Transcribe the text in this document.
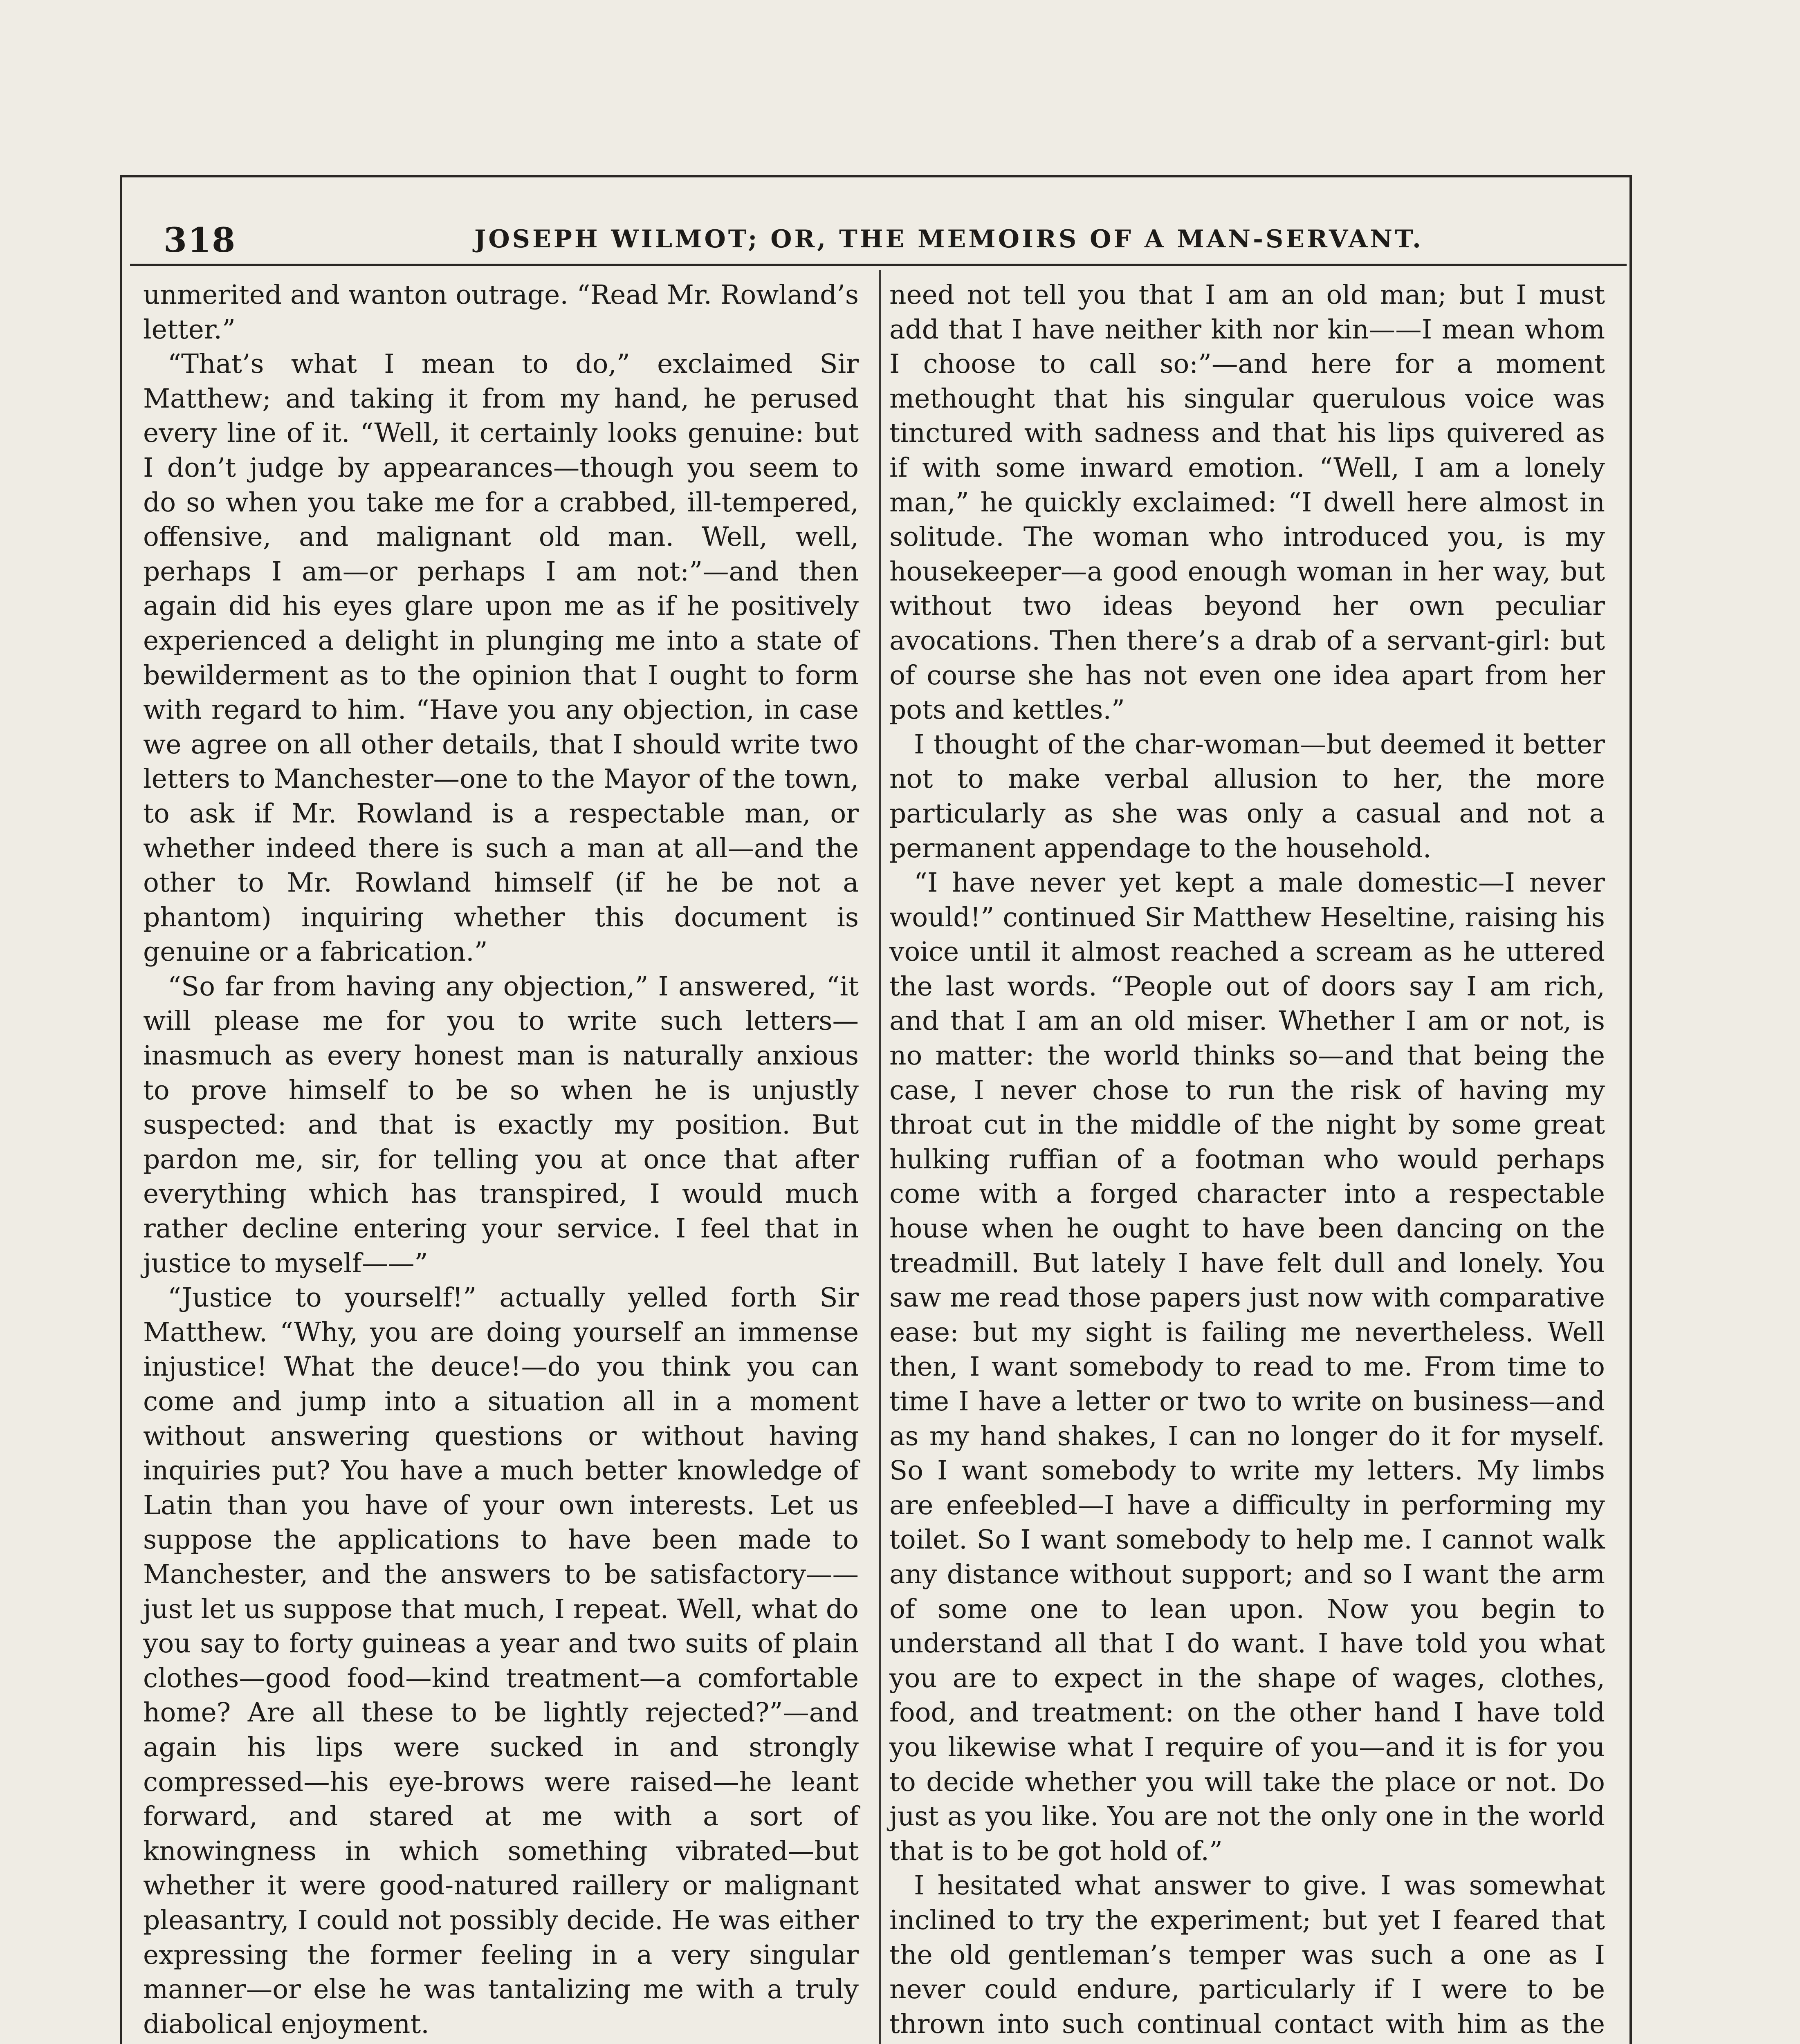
318	JOSEPH WILMOT; OR, THE MEMOIRS OF A MAN-SERVANT.

unmerited and wanton outrage. “Read Mr. Rowland’s letter.”

“That’s what I mean to do,” exclaimed Sir Matthew; and taking it from my hand, he perused every line of it. “Well, it certainly looks genuine: but I don’t judge by appearances—though you seem to do so when you take me for a crabbed, ill-tempered, offensive, and malignant old man. Well, well, perhaps I am—or perhaps I am not:”—and then again did his eyes glare upon me as if he positively experienced a delight in plunging me into a state of bewilderment as to the opinion that I ought to form with regard to him. “Have you any objection, in case we agree on all other details, that I should write two letters to Manchester—one to the Mayor of the town, to ask if Mr. Rowland is a respectable man, or whether indeed there is such a man at all—and the other to Mr. Rowland himself (if he be not a phantom) inquiring whether this document is genuine or a fabrication.”

“So far from having any objection,” I answered, “it will please me for you to write such letters—inasmuch as every honest man is naturally anxious to prove himself to be so when he is unjustly suspected: and that is exactly my position. But pardon me, sir, for telling you at once that after everything which has transpired, I would much rather decline entering your service. I feel that in justice to myself——”

“Justice to yourself!” actually yelled forth Sir Matthew. “Why, you are doing yourself an immense injustice! What the deuce!—do you think you can come and jump into a situation all in a moment without answering questions or without having inquiries put? You have a much better knowledge of Latin than you have of your own interests. Let us suppose the applications to have been made to Manchester, and the answers to be satisfactory——just let us suppose that much, I repeat. Well, what do you say to forty guineas a year and two suits of plain clothes—good food—kind treatment—a comfortable home? Are all these to be lightly rejected?”—and again his lips were sucked in and strongly compressed—his eye-brows were raised—he leant forward, and stared at me with a sort of knowingness in which something vibrated—but whether it were good-natured raillery or malignant pleasantry, I could not possibly decide. He was either expressing the former feeling in a very singular manner—or else he was tantalizing me with a truly diabolical enjoyment.

need not tell you that I am an old man; but I must add that I have neither kith nor kin——I mean whom I choose to call so:”—and here for a moment methought that his singular querulous voice was tinctured with sadness and that his lips quivered as if with some inward emotion. “Well, I am a lonely man,” he quickly exclaimed: “I dwell here almost in solitude. The woman who introduced you, is my housekeeper—a good enough woman in her way, but without two ideas beyond her own peculiar avocations. Then there’s a drab of a servant-girl: but of course she has not even one idea apart from her pots and kettles.”

I thought of the char-woman—but deemed it better not to make verbal allusion to her, the more particularly as she was only a casual and not a permanent appendage to the household.

“I have never yet kept a male domestic—I never would!” continued Sir Matthew Heseltine, raising his voice until it almost reached a scream as he uttered the last words. “People out of doors say I am rich, and that I am an old miser. Whether I am or not, is no matter: the world thinks so—and that being the case, I never chose to run the risk of having my throat cut in the middle of the night by some great hulking ruffian of a footman who would perhaps come with a forged character into a respectable house when he ought to have been dancing on the treadmill. But lately I have felt dull and lonely. You saw me read those papers just now with comparative ease: but my sight is failing me nevertheless. Well then, I want somebody to read to me. From time to time I have a letter or two to write on business—and as my hand shakes, I can no longer do it for myself. So I want somebody to write my letters. My limbs are enfeebled—I have a difficulty in performing my toilet. So I want somebody to help me. I cannot walk any distance without support; and so I want the arm of some one to lean upon. Now you begin to understand all that I do want. I have told you what you are to expect in the shape of wages, clothes, food, and treatment: on the other hand I have told you likewise what I require of you—and it is for you to decide whether you will take the place or not. Do just as you like. You are not the only one in the world that is to be got hold of.”

I hesitated what answer to give. I was somewhat inclined to try the experiment; but yet I feared that the old gentleman’s temper was such a one as I never could endure, particularly if I were to be thrown into such continual contact with him as the
